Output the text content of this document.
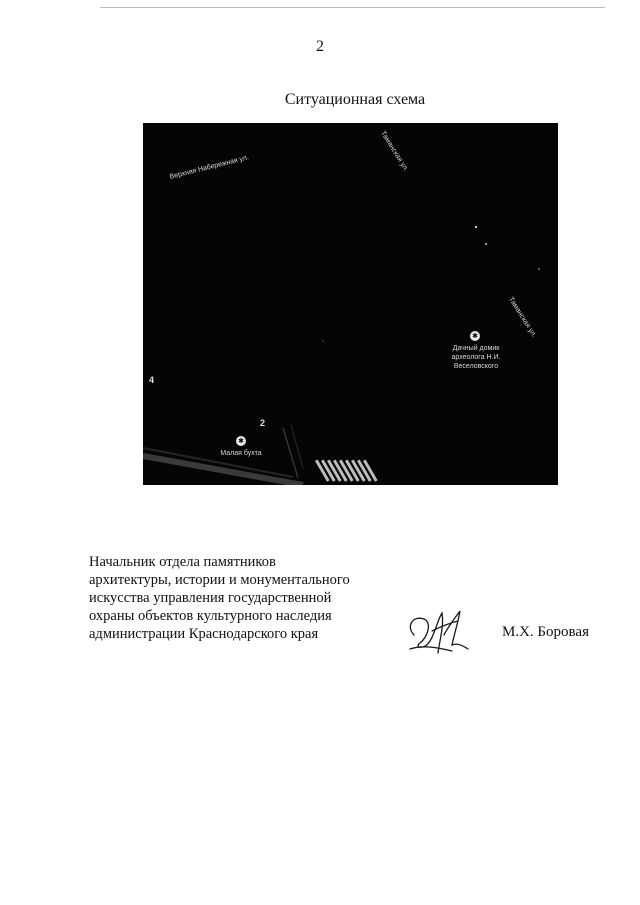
2
Ситуационная схема
Верхняя Набережная ул.	Таманская ул.
Таманская ул.
✱
Дачный домик археолога Н.И. Веселовского
✱
Малая бухта
4
2

Начальник отдела памятников

архитектуры, истории и монументального

искусства управления государственной

охраны объектов культурного наследия

администрации Краснодарского края	М.Х. Боровая
